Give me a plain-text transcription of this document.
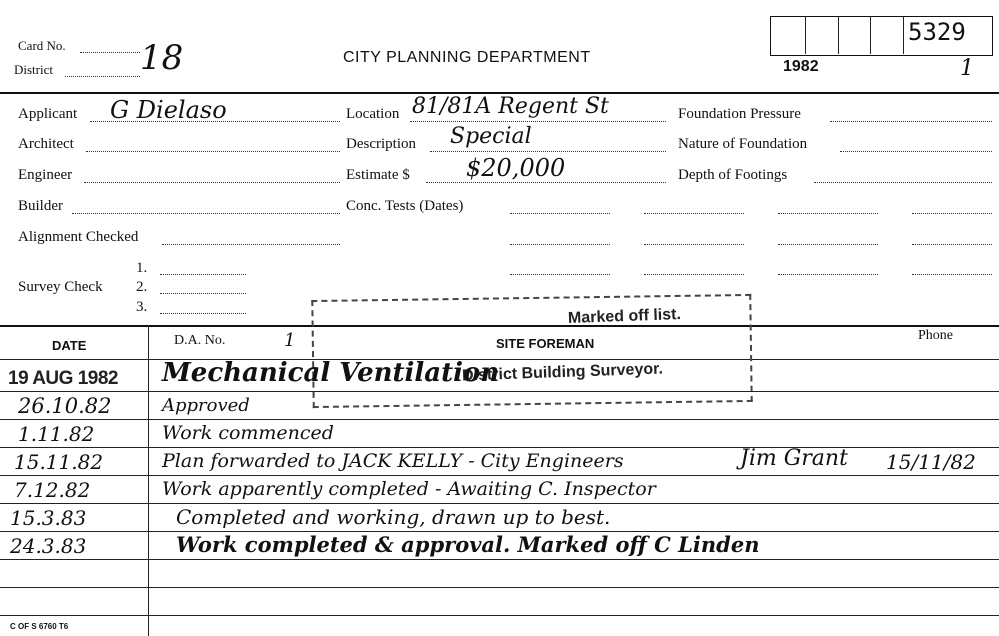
Card No. 18
District
CITY PLANNING DEPARTMENT
1982
5329
1
Applicant G Dielaso
Architect
Engineer
Builder
Alignment Checked
Survey Check
1.
2.
3.
Location 81/81A Regent St
Description Special
Estimate $ $20,000
Conc. Tests (Dates)
Foundation Pressure
Nature of Foundation
Depth of Footings
DATE	D.A. No.	1	SITE FOREMAN
Phone
Marked off list.
District Building Surveyor.
19 AUG 1982 Mechanical Ventilation
26.10.82	Approved
1.11.82	Work commenced
15.11.82	Plan forwarded to JACK KELLY - City Engineers	Jim Grant 15/11/82
7.12.82	Work apparently completed - Awaiting C. Inspector
15.3.83	Completed and working, drawn up to best.
24.3.83	Work completed & approval. Marked off C Linden
C OF S 6760 T6
